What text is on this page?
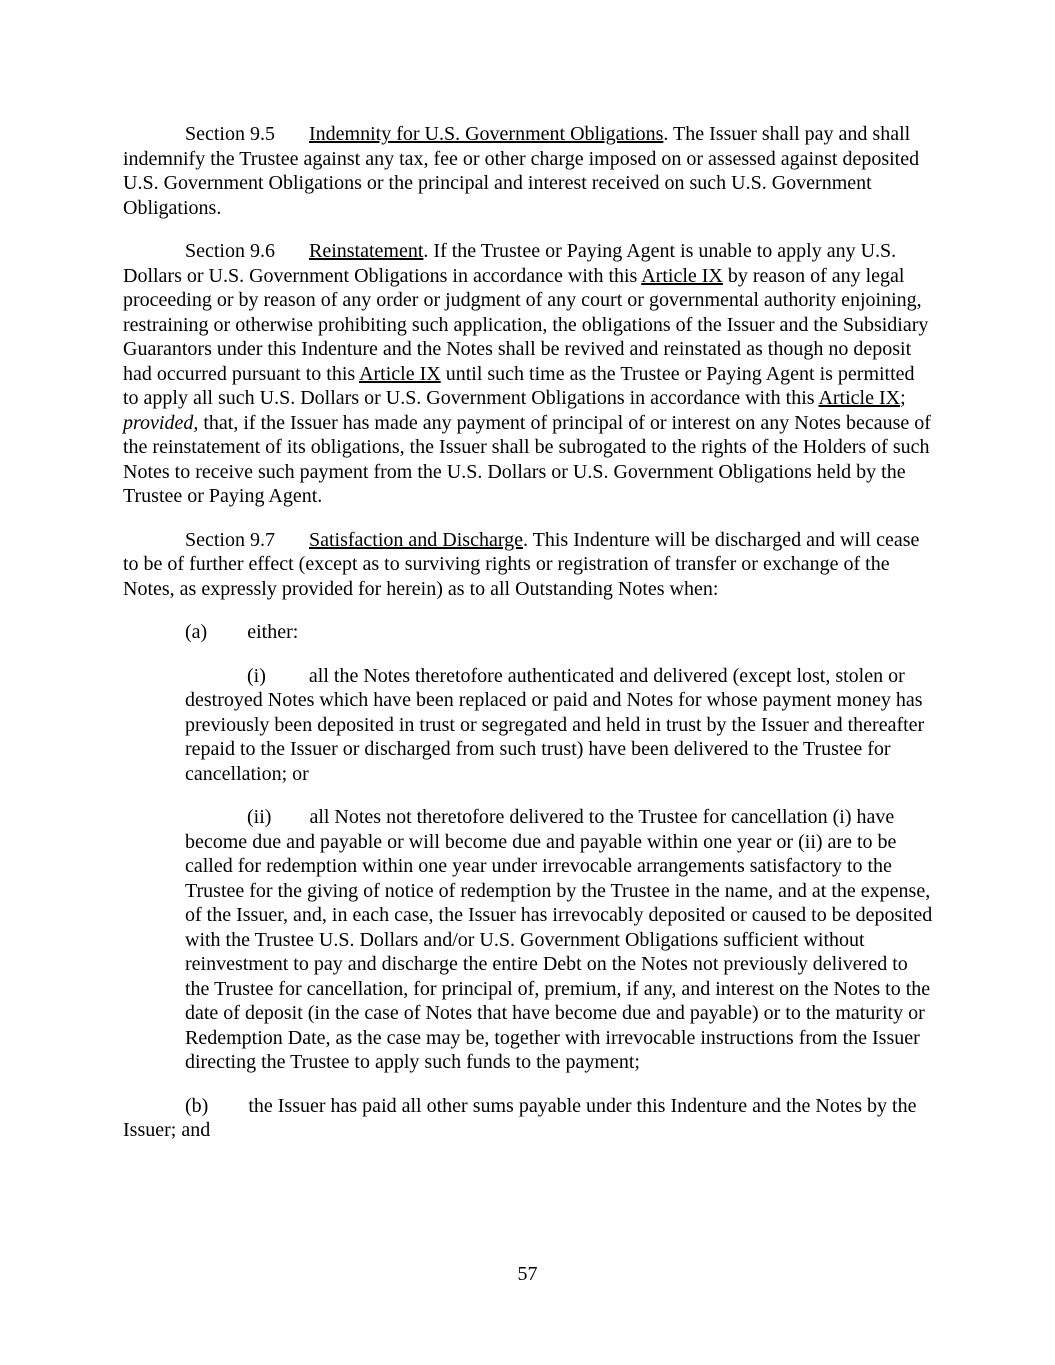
Section 9.5 Indemnity for U.S. Government Obligations. The Issuer shall pay and shall indemnify the Trustee against any tax, fee or other charge imposed on or assessed against deposited U.S. Government Obligations or the principal and interest received on such U.S. Government Obligations.

Section 9.6 Reinstatement. If the Trustee or Paying Agent is unable to apply any U.S. Dollars or U.S. Government Obligations in accordance with this Article IX by reason of any legal proceeding or by reason of any order or judgment of any court or governmental authority enjoining, restraining or otherwise prohibiting such application, the obligations of the Issuer and the Subsidiary Guarantors under this Indenture and the Notes shall be revived and reinstated as though no deposit had occurred pursuant to this Article IX until such time as the Trustee or Paying Agent is permitted to apply all such U.S. Dollars or U.S. Government Obligations in accordance with this Article IX; provided, that, if the Issuer has made any payment of principal of or interest on any Notes because of the reinstatement of its obligations, the Issuer shall be subrogated to the rights of the Holders of such Notes to receive such payment from the U.S. Dollars or U.S. Government Obligations held by the Trustee or Paying Agent.

Section 9.7 Satisfaction and Discharge. This Indenture will be discharged and will cease to be of further effect (except as to surviving rights or registration of transfer or exchange of the Notes, as expressly provided for herein) as to all Outstanding Notes when:

(a) either:

(i) all the Notes theretofore authenticated and delivered (except lost, stolen or destroyed Notes which have been replaced or paid and Notes for whose payment money has previously been deposited in trust or segregated and held in trust by the Issuer and thereafter repaid to the Issuer or discharged from such trust) have been delivered to the Trustee for cancellation; or

(ii) all Notes not theretofore delivered to the Trustee for cancellation (i) have become due and payable or will become due and payable within one year or (ii) are to be called for redemption within one year under irrevocable arrangements satisfactory to the Trustee for the giving of notice of redemption by the Trustee in the name, and at the expense, of the Issuer, and, in each case, the Issuer has irrevocably deposited or caused to be deposited with the Trustee U.S. Dollars and/or U.S. Government Obligations sufficient without reinvestment to pay and discharge the entire Debt on the Notes not previously delivered to the Trustee for cancellation, for principal of, premium, if any, and interest on the Notes to the date of deposit (in the case of Notes that have become due and payable) or to the maturity or Redemption Date, as the case may be, together with irrevocable instructions from the Issuer directing the Trustee to apply such funds to the payment;

(b) the Issuer has paid all other sums payable under this Indenture and the Notes by the Issuer; and

57
